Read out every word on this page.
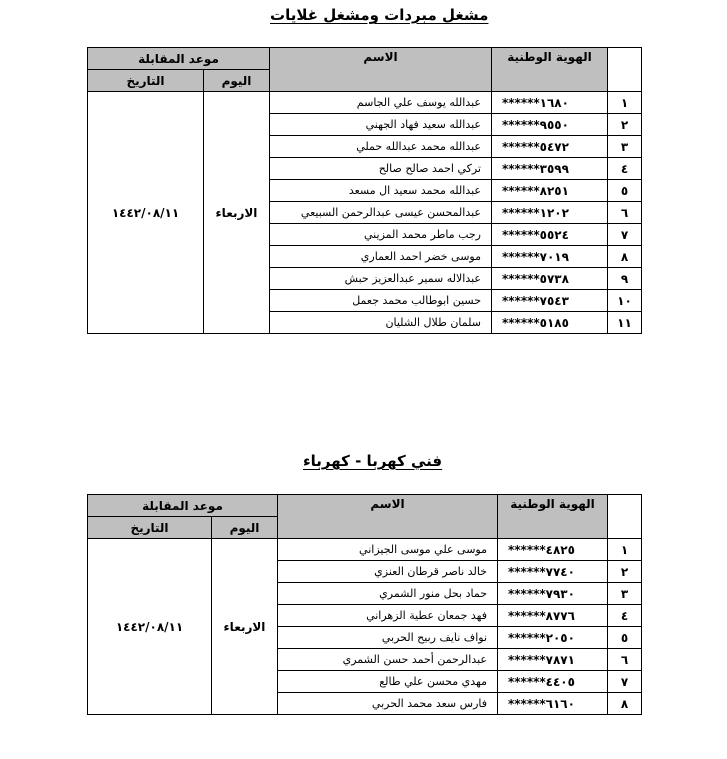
مشغل مبردات ومشغل غلايات
	الهوية الوطنية	الاسم	موعد المقابلة	
			اليوم	التاريخ
١	******١٦٨٠	عبدالله يوسف علي الجاسم	الاربعاء	١٤٤٢/٠٨/١١
٢	******٩٥٥٠	عبدالله سعيد فهاد الجهني		
٣	******٥٤٧٢	عبدالله محمد عبدالله حملي		
٤	******٣٥٩٩	تركي احمد صالح صالح		
٥	******٨٢٥١	عبدالله محمد سعيد ال مسعد		
٦	******١٢٠٢	عبدالمحسن عيسى عبدالرحمن السبيعي		
٧	******٥٥٢٤	رجب ماطر محمد المزيني		
٨	******٧٠١٩	موسى خضر احمد العماري		
٩	******٥٧٣٨	عبدالاله سمير عبدالعزيز حبش		
١٠	******٧٥٤٣	حسين ابوطالب محمد جعمل		
١١	******٥١٨٥	سلمان طلال الشليان		
فني كهربا - كهرباء
	الهوية الوطنية	الاسم	موعد المقابلة	
			اليوم	التاريخ
١	******٤٨٢٥	موسى علي موسى الجيزاني	الاربعاء	١٤٤٢/٠٨/١١
٢	******٧٧٤٠	خالد ناصر قرطان العنزي		
٣	******٧٩٣٠	حماد بحل منور الشمري		
٤	******٨٧٧٦	فهد جمعان عطية الزهراني		
٥	******٢٠٥٠	نواف نايف ربيح الحربي		
٦	******٧٨٧١	عبدالرحمن أحمد حسن الشمري		
٧	******٤٤٠٥	مهدي محسن علي طالع		
٨	******٦١٦٠	فارس سعد محمد الحربي		
